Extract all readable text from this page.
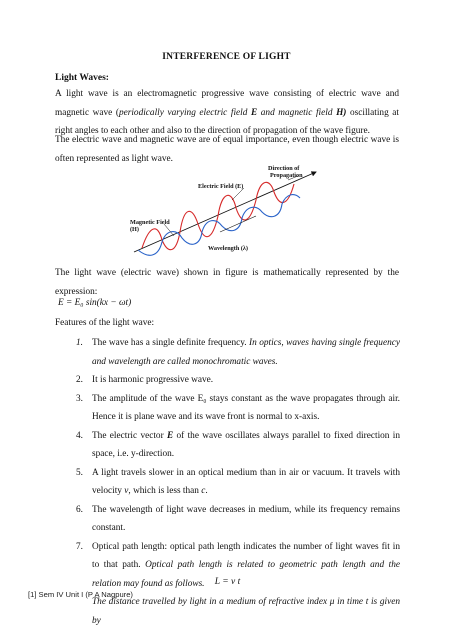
INTERFERENCE OF LIGHT
Light Waves:
A light wave is an electromagnetic progressive wave consisting of electric wave and magnetic wave (periodically varying electric field E and magnetic field H) oscillating at right angles to each other and also to the direction of propagation of the wave figure.
The electric wave and magnetic wave are of equal importance, even though electric wave is often represented as light wave.
Electric Field (E)
Direction of
Propagation
Magnetic Field
(H)
Wavelength (λ)
The light wave (electric wave) shown in figure is mathematically represented by the expression:
E = E₀ sin(kx − ωt)
Features of the light wave:
1. The wave has a single definite frequency. In optics, waves having single frequency and wavelength are called monochromatic waves.
2. It is harmonic progressive wave.
3. The amplitude of the wave E₀ stays constant as the wave propagates through air. Hence it is plane wave and its wave front is normal to x-axis.
4. The electric vector E of the wave oscillates always parallel to fixed direction in space, i.e. y-direction.
5. A light travels slower in an optical medium than in air or vacuum. It travels with velocity v, which is less than c.
6. The wavelength of light wave decreases in medium, while its frequency remains constant.
7. Optical path length: optical path length indicates the number of light waves fit in to that path. Optical path length is related to geometric path length and the relation may found as follows.
The distance travelled by light in a medium of refractive index μ in time t is given by
L = v t
[1] Sem IV Unit I (P A Nagpure)
